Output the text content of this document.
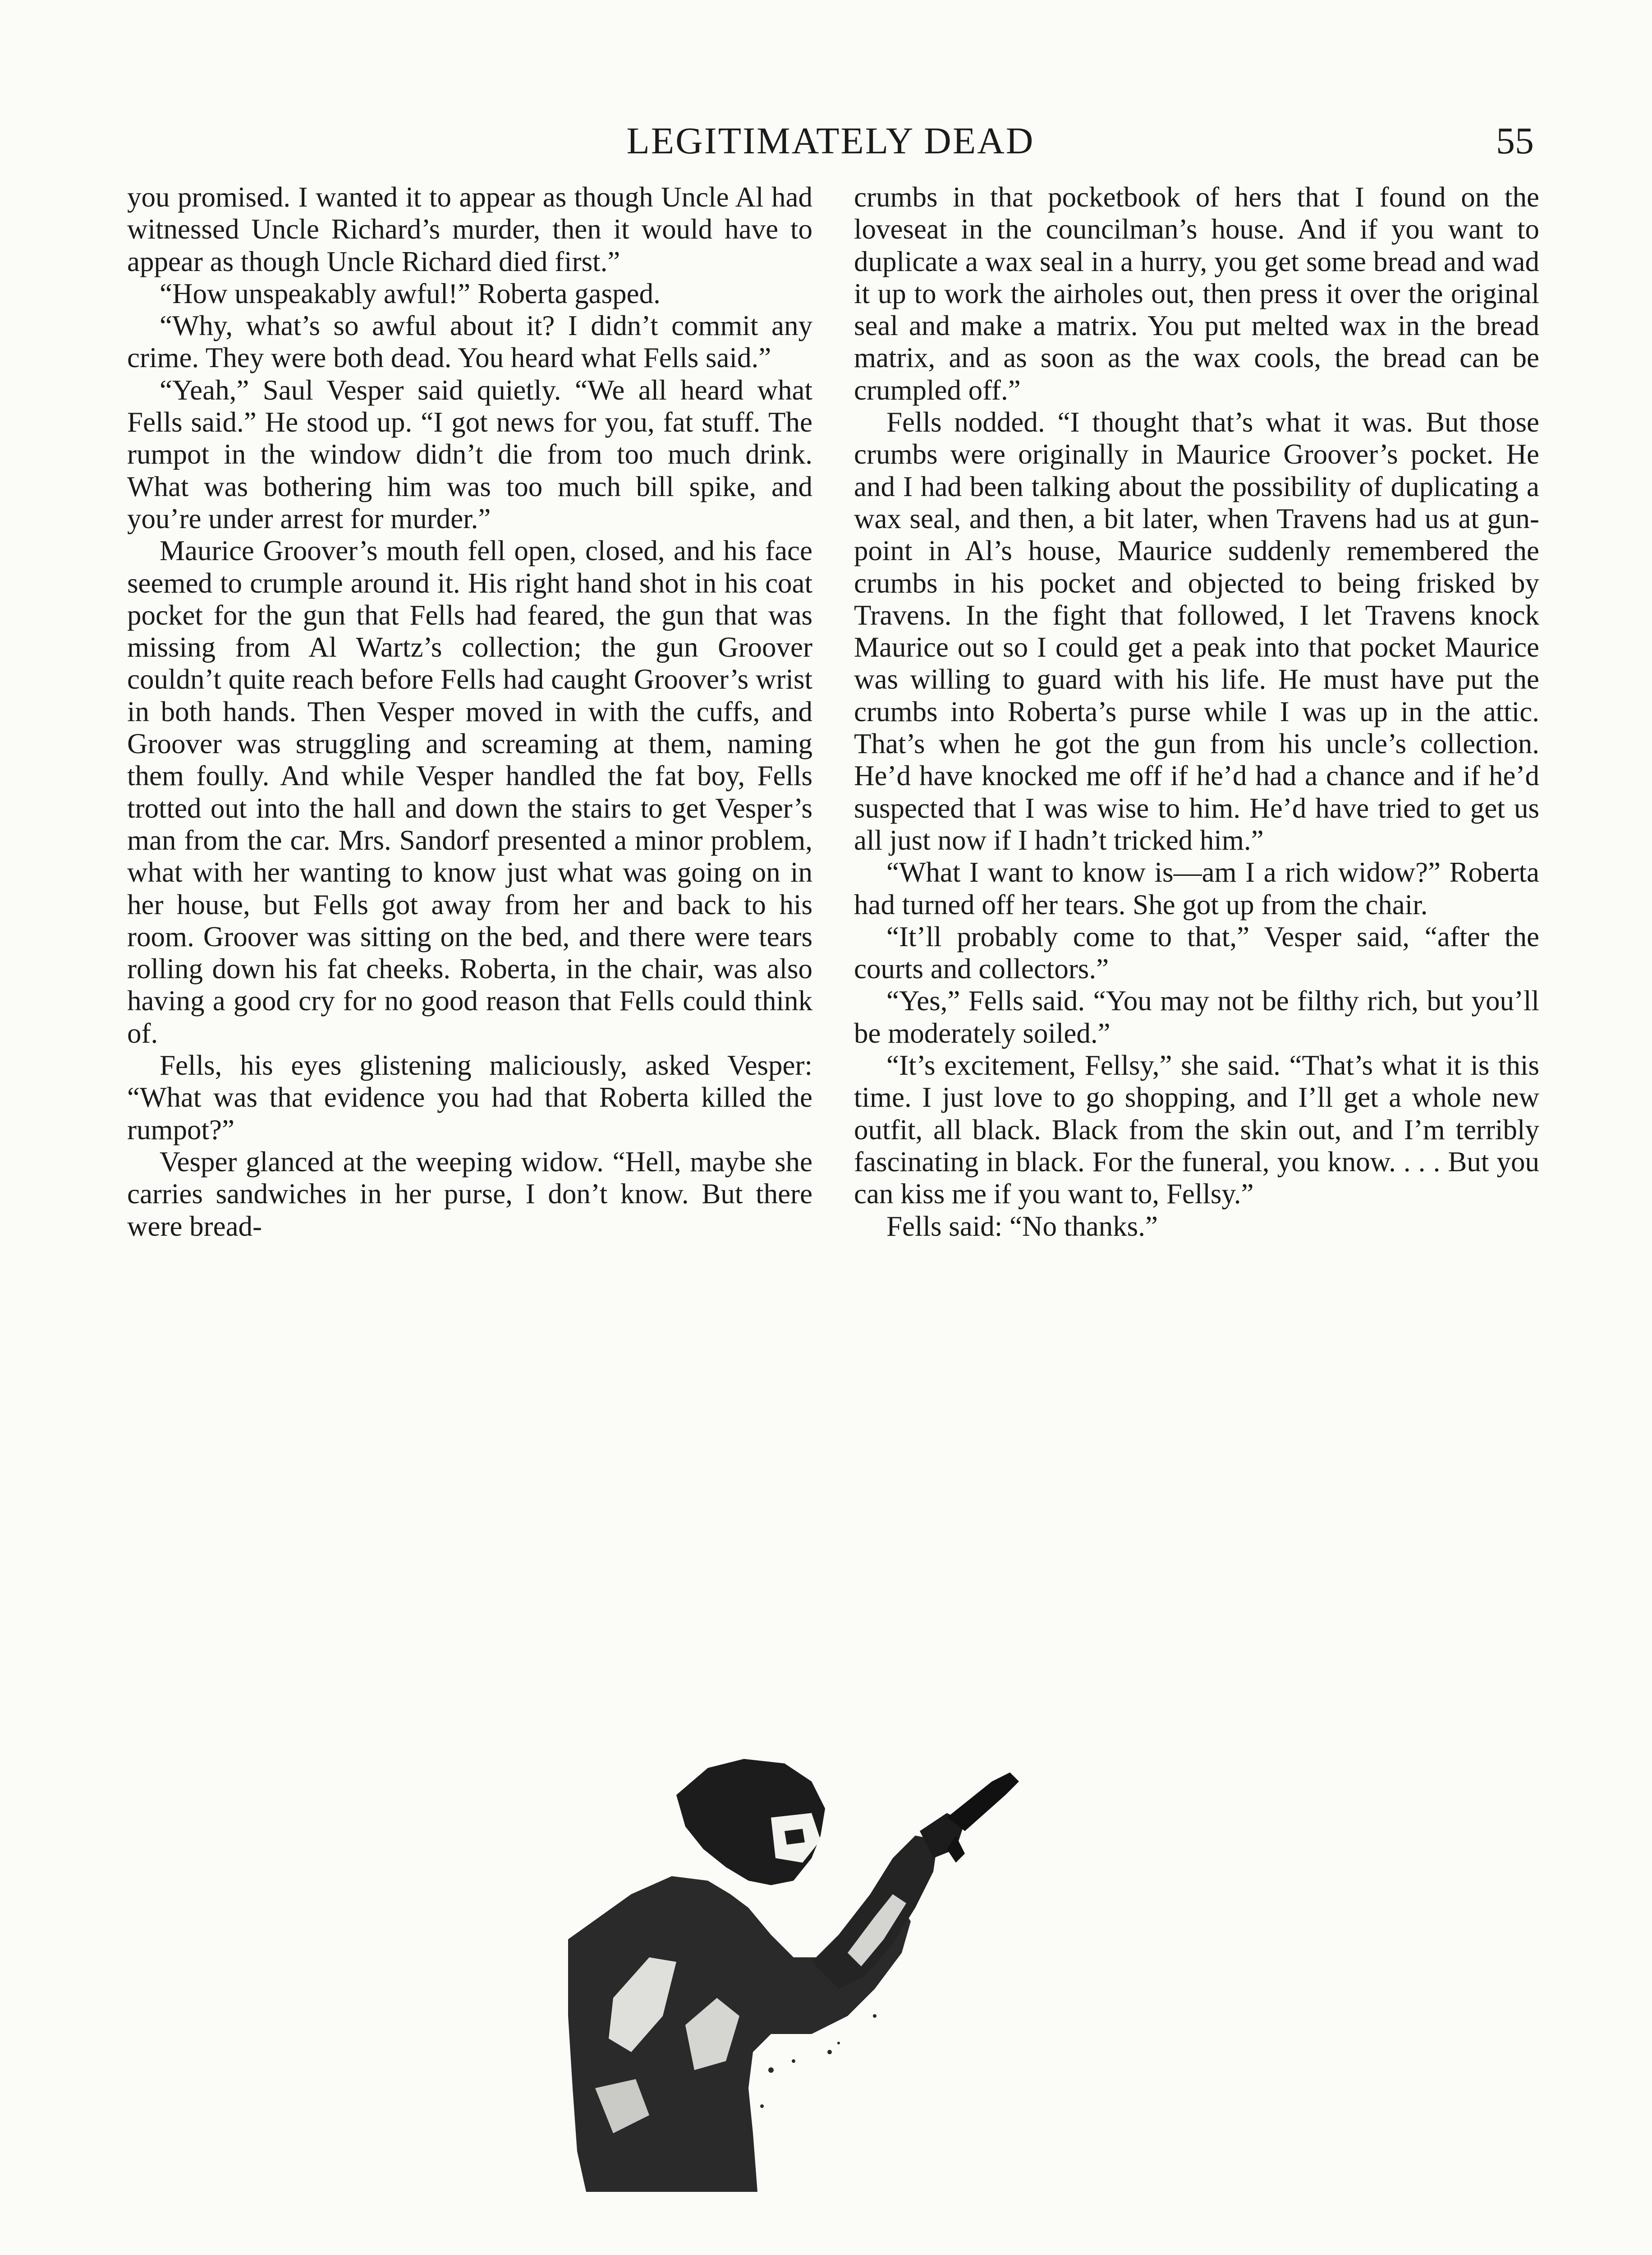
LEGITIMATELY DEAD	55

you promised. I wanted it to appear as though Uncle Al had witnessed Uncle Richard’s murder, then it would have to appear as though Uncle Richard died first.”

“How unspeakably awful!” Roberta gasped.

“Why, what’s so awful about it? I didn’t commit any crime. They were both dead. You heard what Fells said.”

“Yeah,” Saul Vesper said quietly. “We all heard what Fells said.” He stood up. “I got news for you, fat stuff. The rumpot in the window didn’t die from too much drink. What was bothering him was too much bill spike, and you’re under arrest for murder.”

Maurice Groover’s mouth fell open, closed, and his face seemed to crumple around it. His right hand shot in his coat pocket for the gun that Fells had feared, the gun that was missing from Al Wartz’s collection; the gun Groover couldn’t quite reach before Fells had caught Groover’s wrist in both hands. Then Vesper moved in with the cuffs, and Groover was struggling and screaming at them, naming them foully. And while Vesper handled the fat boy, Fells trotted out into the hall and down the stairs to get Vesper’s man from the car. Mrs. Sandorf presented a minor problem, what with her wanting to know just what was going on in her house, but Fells got away from her and back to his room. Groover was sitting on the bed, and there were tears rolling down his fat cheeks. Roberta, in the chair, was also having a good cry for no good reason that Fells could think of.

Fells, his eyes glistening maliciously, asked Vesper: “What was that evidence you had that Roberta killed the rumpot?”

Vesper glanced at the weeping widow. “Hell, maybe she carries sandwiches in her purse, I don’t know. But there were bread-

crumbs in that pocketbook of hers that I found on the loveseat in the councilman’s house. And if you want to duplicate a wax seal in a hurry, you get some bread and wad it up to work the airholes out, then press it over the original seal and make a matrix. You put melted wax in the bread matrix, and as soon as the wax cools, the bread can be crumpled off.”

Fells nodded. “I thought that’s what it was. But those crumbs were originally in Maurice Groover’s pocket. He and I had been talking about the possibility of duplicating a wax seal, and then, a bit later, when Travens had us at gun-point in Al’s house, Maurice suddenly remembered the crumbs in his pocket and objected to being frisked by Travens. In the fight that followed, I let Travens knock Maurice out so I could get a peak into that pocket Maurice was willing to guard with his life. He must have put the crumbs into Roberta’s purse while I was up in the attic. That’s when he got the gun from his uncle’s collection. He’d have knocked me off if he’d had a chance and if he’d suspected that I was wise to him. He’d have tried to get us all just now if I hadn’t tricked him.”

“What I want to know is—am I a rich widow?” Roberta had turned off her tears. She got up from the chair.

“It’ll probably come to that,” Vesper said, “after the courts and collectors.”

“Yes,” Fells said. “You may not be filthy rich, but you’ll be moderately soiled.”

“It’s excitement, Fellsy,” she said. “That’s what it is this time. I just love to go shopping, and I’ll get a whole new outfit, all black. Black from the skin out, and I’m terribly fascinating in black. For the funeral, you know. . . . But you can kiss me if you want to, Fellsy.”

Fells said: “No thanks.”
